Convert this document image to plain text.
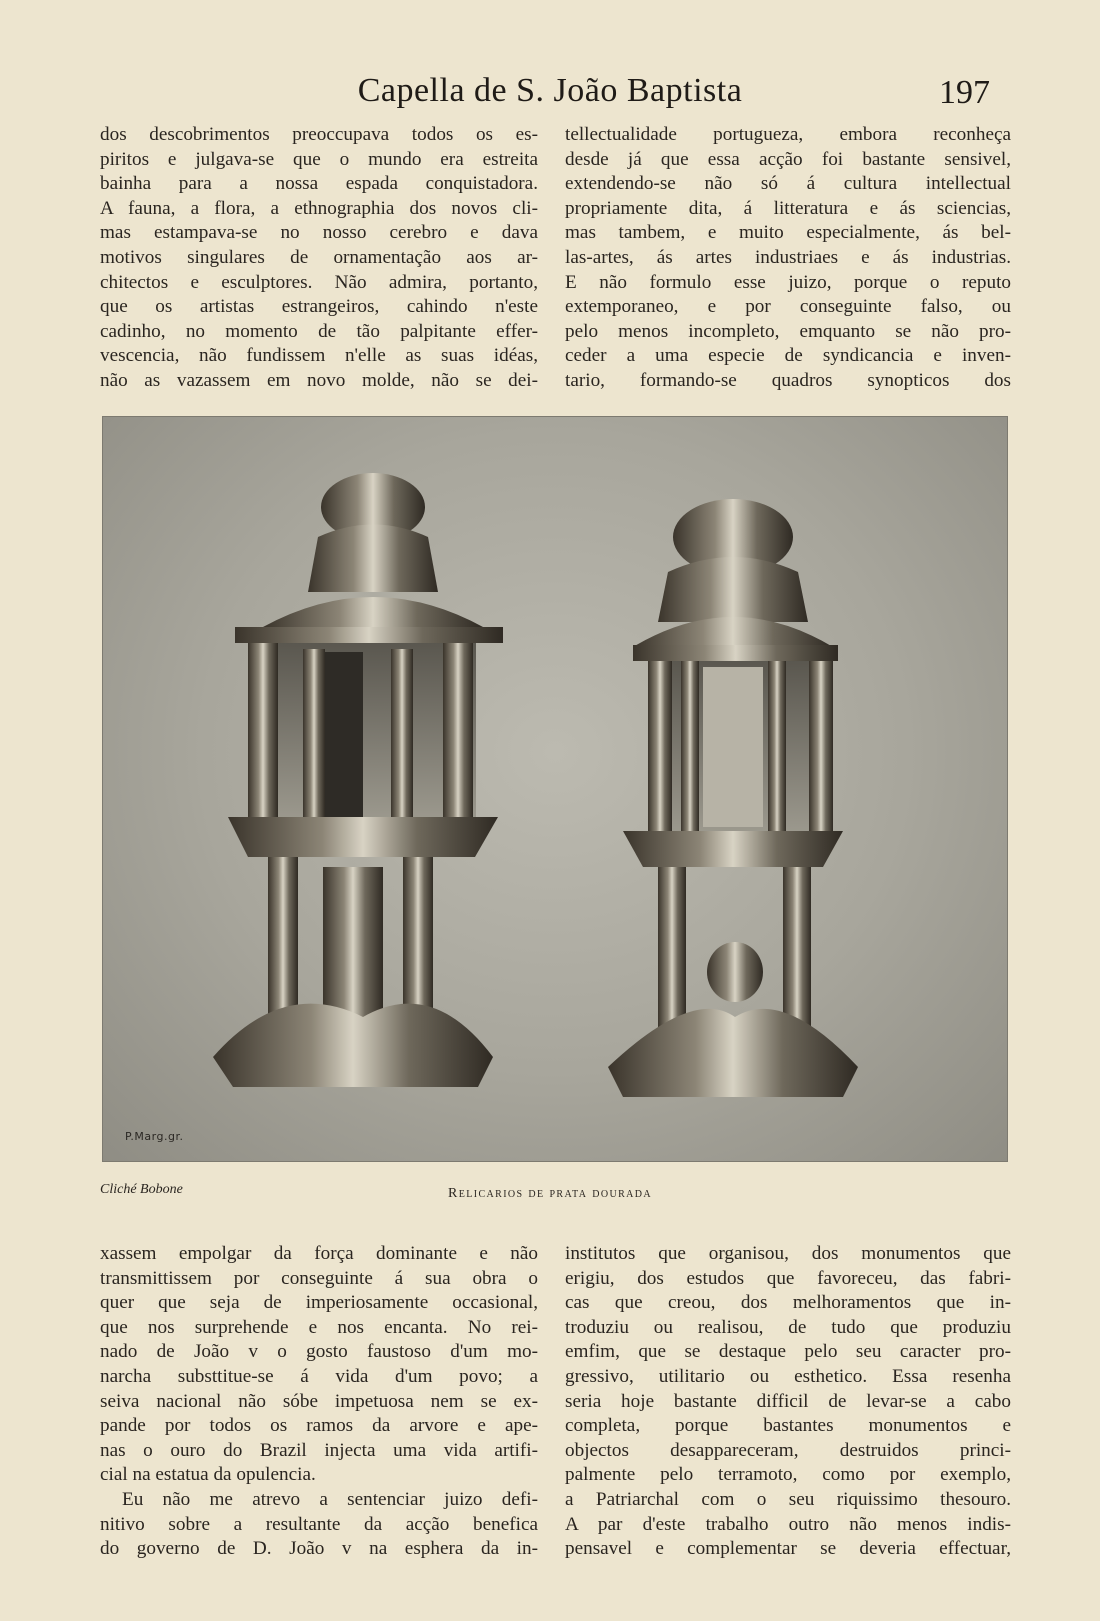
Capella de S. João Baptista	197
dos descobrimentos preoccupava todos os es-
piritos e julgava-se que o mundo era estreita
bainha para a nossa espada conquistadora.
A fauna, a flora, a ethnographia dos novos cli-
mas estampava-se no nosso cerebro e dava
motivos singulares de ornamentação aos ar-
chitectos e esculptores. Não admira, portanto,
que os artistas estrangeiros, cahindo n'este
cadinho, no momento de tão palpitante effer-
vescencia, não fundissem n'elle as suas idéas,
não as vazassem em novo molde, não se dei-
tellectualidade portugueza, embora reconheça
desde já que essa acção foi bastante sensivel,
extendendo-se não só á cultura intellectual
propriamente dita, á litteratura e ás sciencias,
mas tambem, e muito especialmente, ás bel-
las-artes, ás artes industriaes e ás industrias.
E não formulo esse juizo, porque o reputo
extemporaneo, e por conseguinte falso, ou
pelo menos incompleto, emquanto se não pro-
ceder a uma especie de syndicancia e inven-
tario, formando-se quadros synopticos dos
P.Marg.gr.
Cliché Bobone	Relicarios de prata dourada
xassem empolgar da força dominante e não
transmittissem por conseguinte á sua obra o
quer que seja de imperiosamente occasional,
que nos surprehende e nos encanta. No rei-
nado de João v o gosto faustoso d'um mo-
narcha substtitue-se á vida d'um povo; a
seiva nacional não sóbe impetuosa nem se ex-
pande por todos os ramos da arvore e ape-
nas o ouro do Brazil injecta uma vida artifi-
cial na estatua da opulencia.
Eu não me atrevo a sentenciar juizo defi-
nitivo sobre a resultante da acção benefica
do governo de D. João v na esphera da in-
institutos que organisou, dos monumentos que
erigiu, dos estudos que favoreceu, das fabri-
cas que creou, dos melhoramentos que in-
troduziu ou realisou, de tudo que produziu
emfim, que se destaque pelo seu caracter pro-
gressivo, utilitario ou esthetico. Essa resenha
seria hoje bastante difficil de levar-se a cabo
completa, porque bastantes monumentos e
objectos desappareceram, destruidos princi-
palmente pelo terramoto, como por exemplo,
a Patriarchal com o seu riquissimo thesouro.
A par d'este trabalho outro não menos indis-
pensavel e complementar se deveria effectuar,
